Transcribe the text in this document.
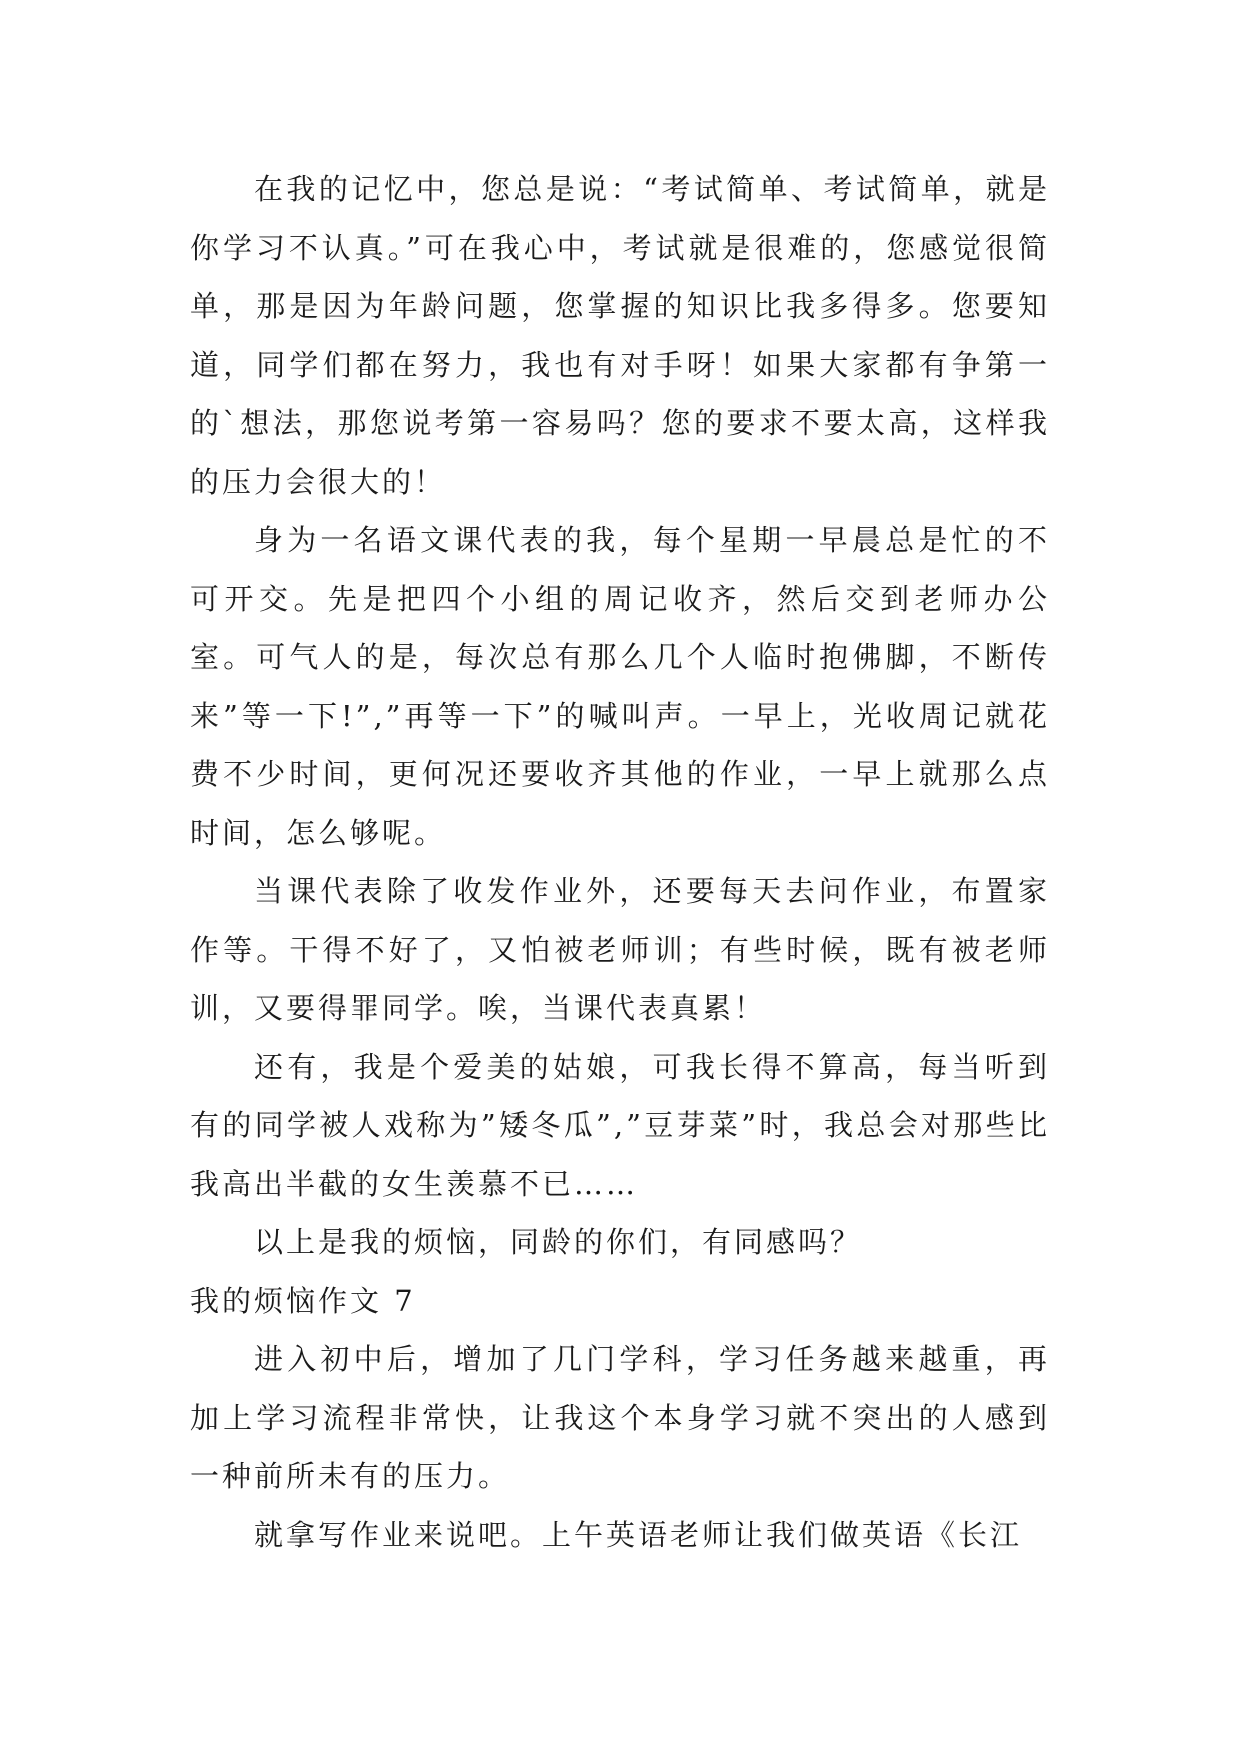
在我的记忆中，您总是说：“考试简单、考试简单，就是你学习不认真。”可在我心中，考试就是很难的，您感觉很简单，那是因为年龄问题，您掌握的知识比我多得多。您要知道，同学们都在努力，我也有对手呀！如果大家都有争第一的`想法，那您说考第一容易吗？您的要求不要太高，这样我的压力会很大的！

身为一名语文课代表的我，每个星期一早晨总是忙的不可开交。先是把四个小组的周记收齐，然后交到老师办公室。可气人的是，每次总有那么几个人临时抱佛脚，不断传来”等一下!”,”再等一下”的喊叫声。一早上，光收周记就花费不少时间，更何况还要收齐其他的作业，一早上就那么点时间，怎么够呢。

当课代表除了收发作业外，还要每天去问作业，布置家作等。干得不好了，又怕被老师训；有些时候，既有被老师训，又要得罪同学。唉，当课代表真累！

还有，我是个爱美的姑娘，可我长得不算高，每当听到有的同学被人戏称为”矮冬瓜”,”豆芽菜”时，我总会对那些比我高出半截的女生羡慕不已……

以上是我的烦恼，同龄的你们，有同感吗？

我的烦恼作文 7

进入初中后，增加了几门学科，学习任务越来越重，再加上学习流程非常快，让我这个本身学习就不突出的人感到一种前所未有的压力。

就拿写作业来说吧。上午英语老师让我们做英语《长江
